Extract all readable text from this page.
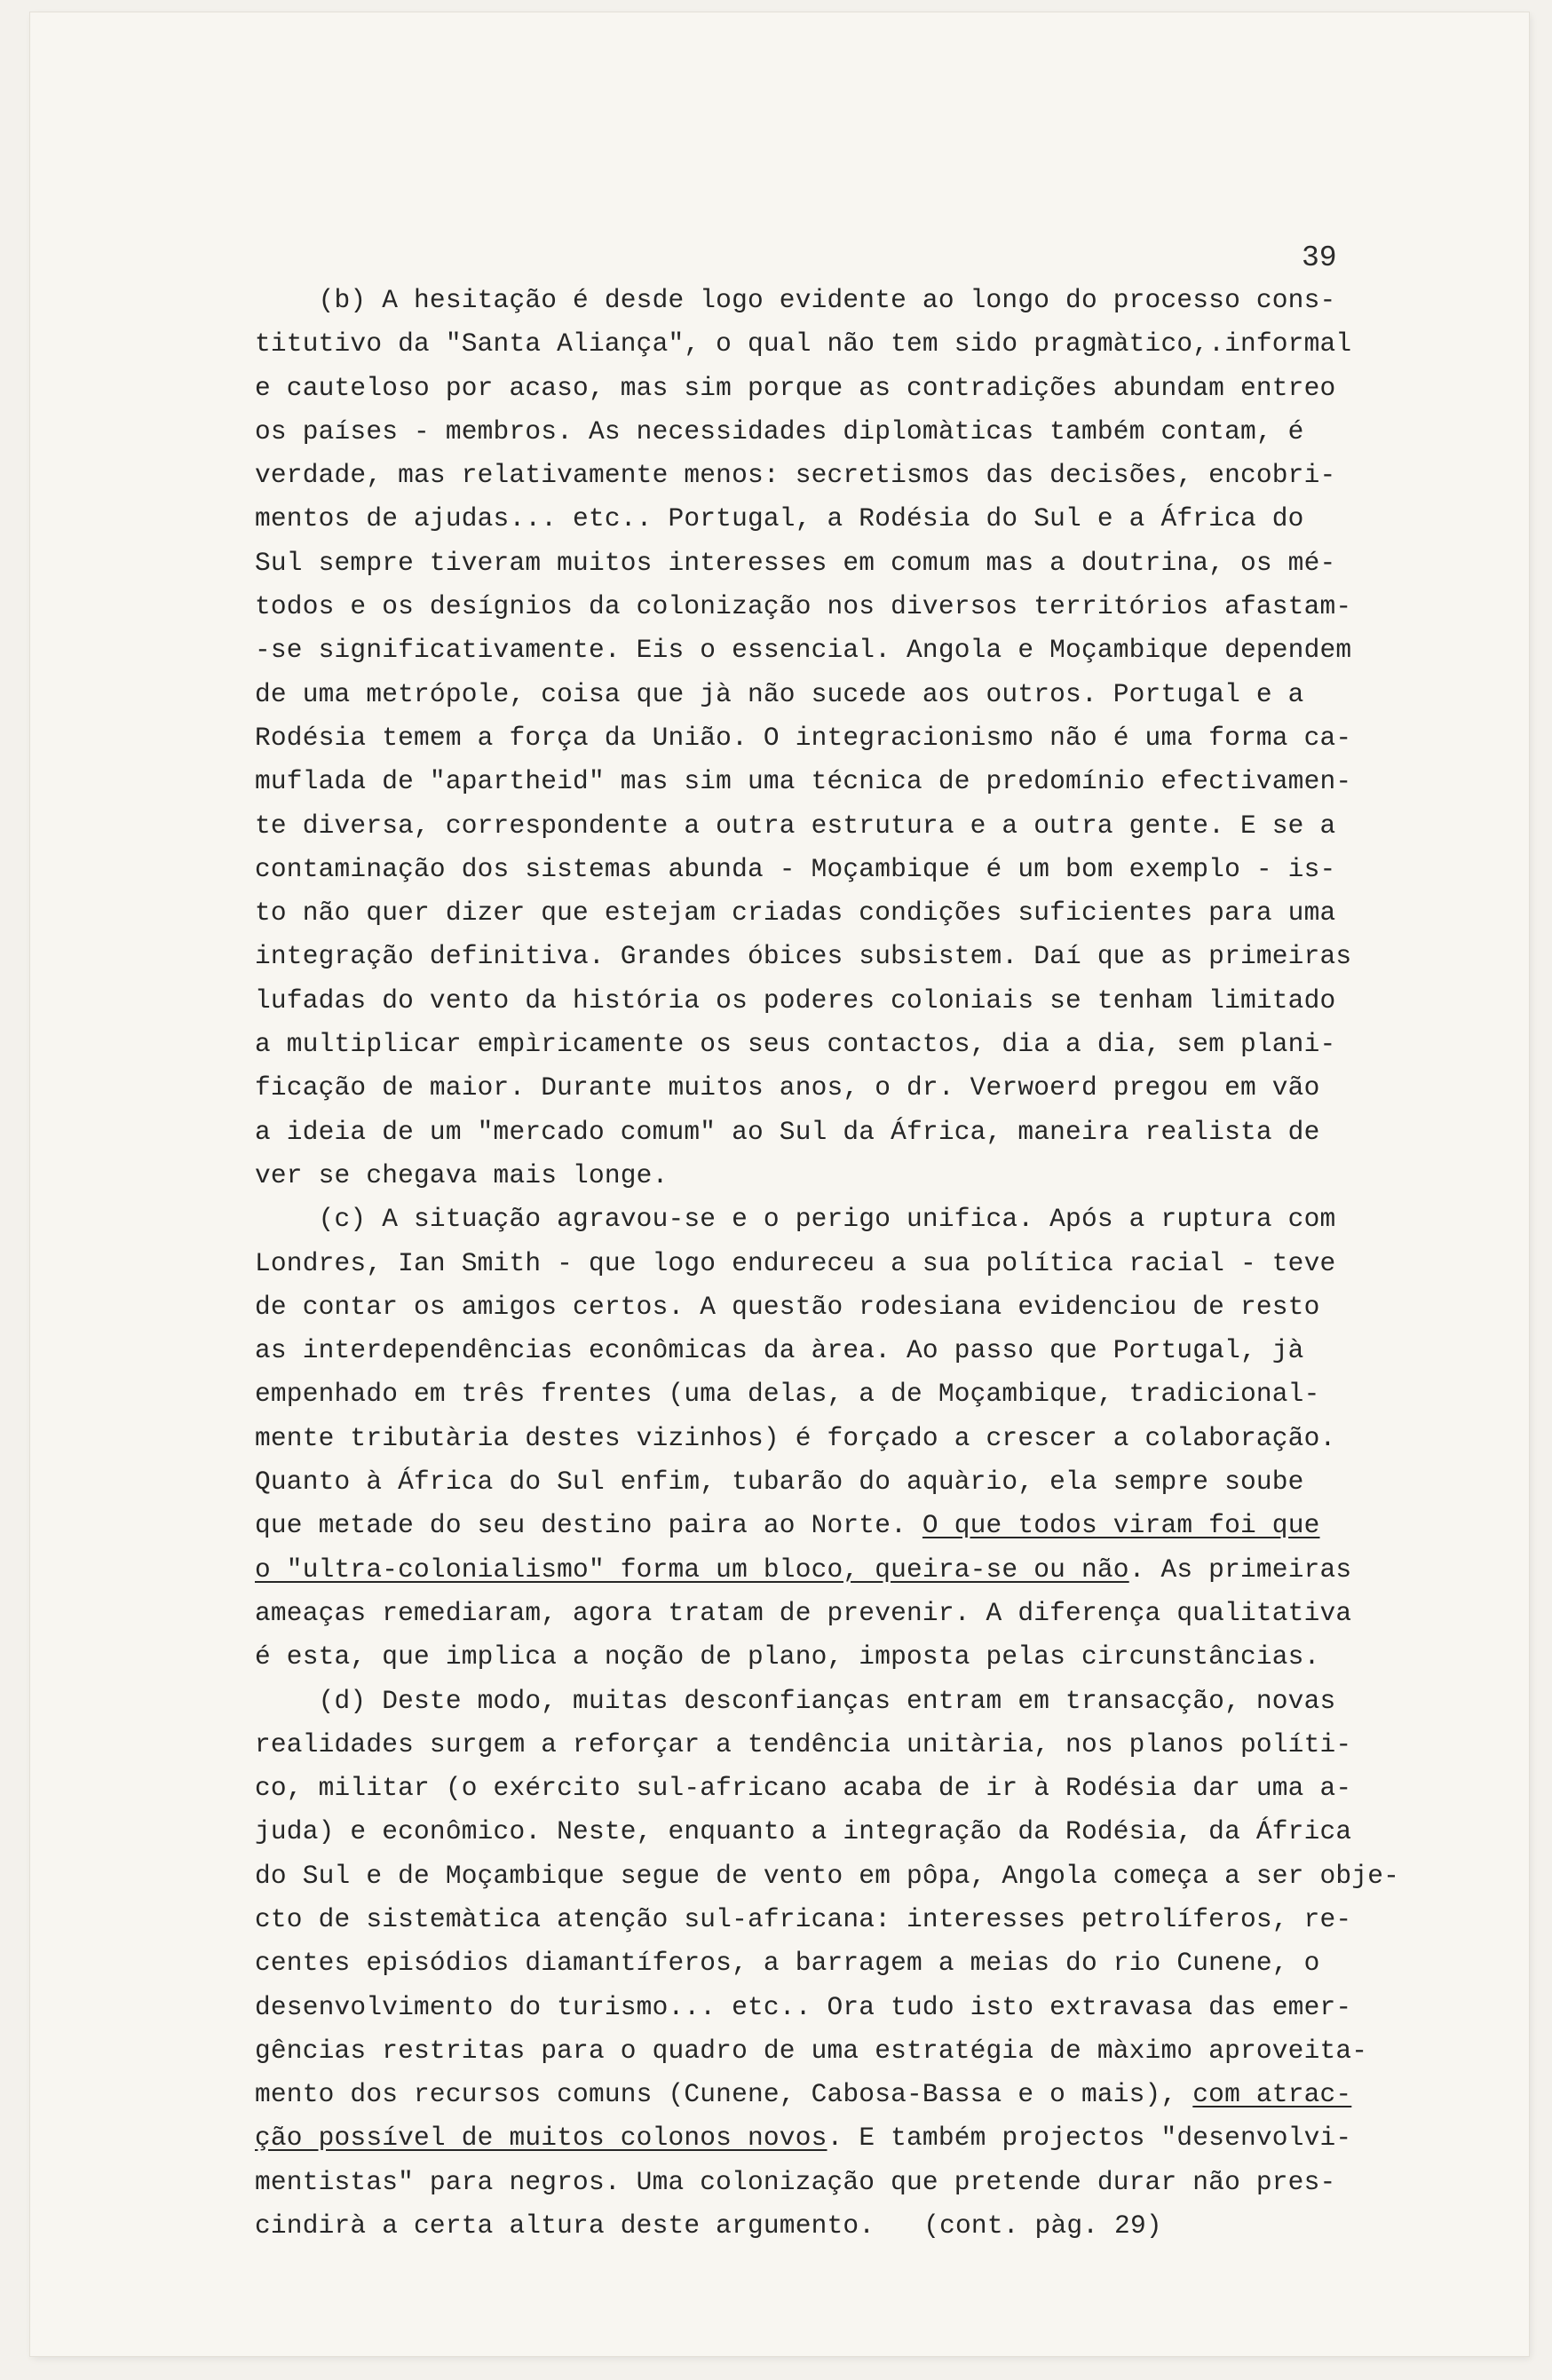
39
(b) A hesitação é desde logo evidente ao longo do processo cons-
titutivo da "Santa Aliança", o qual não tem sido pragmàtico,.informal
e cauteloso por acaso, mas sim porque as contradições abundam entreo
os países - membros. As necessidades diplomàticas também contam, é
verdade, mas relativamente menos: secretismos das decisões, encobri-
mentos de ajudas... etc.. Portugal, a Rodésia do Sul e a África do
Sul sempre tiveram muitos interesses em comum mas a doutrina, os mé-
todos e os desígnios da colonização nos diversos territórios afastam-
-se significativamente. Eis o essencial. Angola e Moçambique dependem
de uma metrópole, coisa que jà não sucede aos outros. Portugal e a
Rodésia temem a força da União. O integracionismo não é uma forma ca-
muflada de "apartheid" mas sim uma técnica de predomínio efectivamen-
te diversa, correspondente a outra estrutura e a outra gente. E se a
contaminação dos sistemas abunda - Moçambique é um bom exemplo - is-
to não quer dizer que estejam criadas condições suficientes para uma
integração definitiva. Grandes óbices subsistem. Daí que as primeiras
lufadas do vento da história os poderes coloniais se tenham limitado
a multiplicar empìricamente os seus contactos, dia a dia, sem plani-
ficação de maior. Durante muitos anos, o dr. Verwoerd pregou em vão
a ideia de um "mercado comum" ao Sul da África, maneira realista de
ver se chegava mais longe.
(c) A situação agravou-se e o perigo unifica. Após a ruptura com
Londres, Ian Smith - que logo endureceu a sua política racial - teve
de contar os amigos certos. A questão rodesiana evidenciou de resto
as interdependências econômicas da àrea. Ao passo que Portugal, jà
empenhado em três frentes (uma delas, a de Moçambique, tradicional-
mente tributària destes vizinhos) é forçado a crescer a colaboração.
Quanto à África do Sul enfim, tubarão do aquàrio, ela sempre soube
que metade do seu destino paira ao Norte. O que todos viram foi que
o "ultra-colonialismo" forma um bloco, queira-se ou não. As primeiras
ameaças remediaram, agora tratam de prevenir. A diferença qualitativa
é esta, que implica a noção de plano, imposta pelas circunstâncias.
(d) Deste modo, muitas desconfianças entram em transacção, novas
realidades surgem a reforçar a tendência unitària, nos planos políti-
co, militar (o exército sul-africano acaba de ir à Rodésia dar uma a-
juda) e econômico. Neste, enquanto a integração da Rodésia, da África
do Sul e de Moçambique segue de vento em pôpa, Angola começa a ser obje-
cto de sistemàtica atenção sul-africana: interesses petrolíferos, re-
centes episódios diamantíferos, a barragem a meias do rio Cunene, o
desenvolvimento do turismo... etc.. Ora tudo isto extravasa das emer-
gências restritas para o quadro de uma estratégia de màximo aproveita-
mento dos recursos comuns (Cunene, Cabosa-Bassa e o mais), com atrac-
ção possível de muitos colonos novos. E também projectos "desenvolvi-
mentistas" para negros. Uma colonização que pretende durar não pres-
cindirà a certa altura deste argumento. (cont. pàg. 29)
